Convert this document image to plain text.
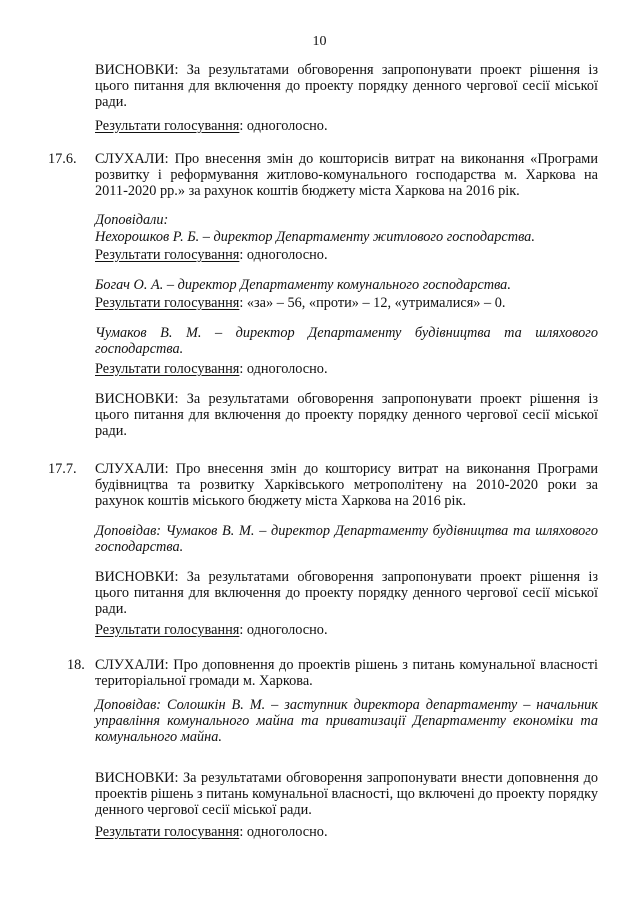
10
ВИСНОВКИ: За результатами обговорення запропонувати проект рішення із цього питання для включення до проекту порядку денного чергової сесії міської ради.
Результати голосування: одноголосно.
17.6. СЛУХАЛИ: Про внесення змін до кошторисів витрат на виконання «Програми розвитку і реформування житлово-комунального господарства м. Харкова на 2011-2020 рр.» за рахунок коштів бюджету міста Харкова на 2016 рік.
Доповідали:
Нехорошков Р. Б. – директор Департаменту житлового господарства.
Результати голосування: одноголосно.
Богач О. А. – директор Департаменту комунального господарства.
Результати голосування: «за» – 56, «проти» – 12, «утрималися» – 0.
Чумаков В. М. – директор Департаменту будівництва та шляхового господарства.
Результати голосування: одноголосно.
ВИСНОВКИ: За результатами обговорення запропонувати проект рішення із цього питання для включення до проекту порядку денного чергової сесії міської ради.
17.7. СЛУХАЛИ: Про внесення змін до кошторису витрат на виконання Програми будівництва та розвитку Харківського метрополітену на 2010-2020 роки за рахунок коштів міського бюджету міста Харкова на 2016 рік.
Доповідав: Чумаков В. М. – директор Департаменту будівництва та шляхового господарства.
ВИСНОВКИ: За результатами обговорення запропонувати проект рішення із цього питання для включення до проекту порядку денного чергової сесії міської ради.
Результати голосування: одноголосно.
18. СЛУХАЛИ: Про доповнення до проектів рішень з питань комунальної власності територіальної громади м. Харкова.
Доповідав: Солошкін В. М. – заступник директора департаменту – начальник управління комунального майна та приватизації Департаменту економіки та комунального майна.
ВИСНОВКИ: За результатами обговорення запропонувати внести доповнення до проектів рішень з питань комунальної власності, що включені до проекту порядку денного чергової сесії міської ради.
Результати голосування: одноголосно.
